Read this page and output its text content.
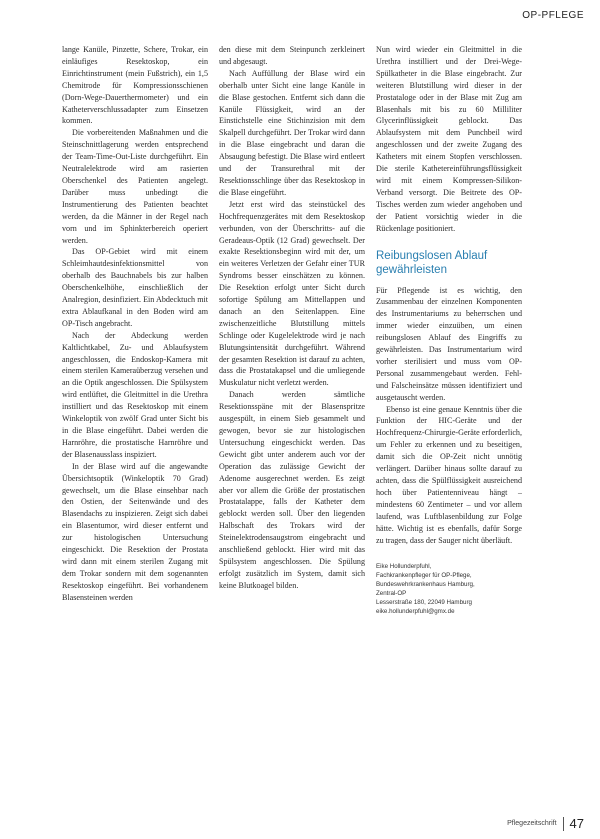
OP-PFLEGE

lange Kanüle, Pinzette, Schere, Trokar, ein einläufiges Resektoskop, ein Einrichtinstrument (mein Fußstrich), ein 1,5 Chemitrode für Kompressionsschienen (Dorn-Wege-Dauerthermometer) und ein Katheterverschlussadapter zum Einsetzen kommen.

Die vorbereitenden Maßnahmen und die Steinschnittlagerung werden entsprechend der Team-Time-Out-Liste durchgeführt. Ein Neutralelektrode wird am rasierten Oberschenkel des Patienten angelegt. Darüber muss unbedingt die Instrumentierung des Patienten beachtet werden, da die Männer in der Regel nach vorn und im Sphinkterbereich operiert werden.

Das OP-Gebiet wird mit einem Schleimhautdesinfektionsmittel von oberhalb des Bauchnabels bis zur halben Oberschenkelhöhe, einschließlich der Analregion, desinfiziert. Ein Abdecktuch mit extra Ablaufkanal in den Boden wird am OP-Tisch angebracht.

Nach der Abdeckung werden Kaltlichtkabel, Zu- und Ablaufsystem angeschlossen, die Endoskop-Kamera mit einem sterilen Kameraüberzug versehen und an die Optik angeschlossen. Die Spülsystem wird entlüftet, die Gleitmittel in die Urethra instilliert und das Resektoskop mit einem Winkeloptik von zwölf Grad unter Sicht bis in die Blase eingeführt. Dabei werden die Harnröhre, die prostatische Harnröhre und der Blasenausslass inspiziert.

In der Blase wird auf die angewandte Übersichtsoptik (Winkeloptik 70 Grad) gewechselt, um die Blase einsehbar nach den Ostien, der Seitenwände und des Blasendachs zu inspizieren. Zeigt sich dabei ein Blasentumor, wird dieser entfernt und zur histologischen Untersuchung eingeschickt. Die Resektion der Prostata wird dann mit einem sterilen Zugang mit dem Trokar sondern mit dem sogenannten Resektoskop eingeführt. Bei vorhandenem Blasensteinen werden

den diese mit dem Steinpunch zerkleinert und abgesaugt.

Nach Auffüllung der Blase wird ein oberhalb unter Sicht eine lange Kanüle in die Blase gestochen. Entfernt sich dann die Kanüle Flüssigkeit, wird an der Einstichstelle eine Stichinzision mit dem Skalpell durchgeführt. Der Trokar wird dann in die Blase eingebracht und daran die Absaugung befestigt. Die Blase wird entleert und der Transurethral mit der Resektionsschlinge über das Resektoskop in die Blase eingeführt.

Jetzt erst wird das steinstückel des Hochfrequenzgerätes mit dem Resektoskop verbunden, von der Überschritts- auf die Geradeaus-Optik (12 Grad) gewechselt. Der exakte Resektionsbeginn wird mit der, um ein weiteres Verletzen der Gefahr einer TUR Syndroms besser einschätzen zu können. Die Resektion erfolgt unter Sicht durch sofortige Spülung am Mittellappen und danach an den Seitenlappen. Eine zwischenzeitliche Blutstillung mittels Schlinge oder Kugelelektrode wird je nach Blutungsintensität durchgeführt. Während der gesamten Resektion ist darauf zu achten, dass die Prostatakapsel und die umliegende Muskulatur nicht verletzt werden.

Danach werden sämtliche Resektionsspäne mit der Blasenspritze ausgespült, in einem Sieb gesammelt und gewogen, bevor sie zur histologischen Untersuchung eingeschickt werden. Das Gewicht gibt unter anderem auch vor der Operation das zulässige Gewicht der Adenome ausgerechnet werden. Es zeigt aber vor allem die Größe der prostatischen Prostatalappe, falls der Katheter dem geblockt werden soll. Über den liegenden Halbschaft des Trokars wird der Steinelektrodensaugstrom eingebracht und anschließend geblockt. Hier wird mit das Spülsystem angeschlossen. Die Spülung erfolgt zusätzlich im System, damit sich keine Blutkoagel bilden.

Nun wird wieder ein Gleitmittel in die Urethra instilliert und der Drei-Wege-Spülkatheter in die Blase eingebracht. Zur weiteren Blutstillung wird dieser in der Prostataloge oder in der Blase mit Zug am Blasenhals mit bis zu 60 Milliliter Glycerinflüssigkeit geblockt. Das Ablaufsystem mit dem Punchbeil wird angeschlossen und der zweite Zugang des Katheters mit einem Stopfen verschlossen. Die sterile Kathetereinführungsflüssigkeit wird mit einem Kompressen-Silikon-Verband versorgt. Die Beitrete des OP-Tisches werden zum wieder angehoben und der Patient vorsichtig wieder in die Rückenlage positioniert.

Reibungslosen Ablauf gewährleisten

Für Pflegende ist es wichtig, den Zusammenbau der einzelnen Komponenten des Instrumentariums zu beherrschen und immer wieder einzuüben, um einen reibungslosen Ablauf des Eingriffs zu gewährleisten. Das Instrumentarium wird vorher sterilisiert und muss vom OP-Personal zusammengebaut werden. Fehl- und Falscheinsätze müssen identifiziert und ausgetauscht werden.

Ebenso ist eine genaue Kenntnis über die Funktion der HIC-Geräte und der Hochfrequenz-Chirurgie-Geräte erforderlich, um Fehler zu erkennen und zu beseitigen, damit sich die OP-Zeit nicht unnötig verlängert. Darüber hinaus sollte darauf zu achten, dass die Spülflüssigkeit ausreichend hoch über Patientenniveau hängt – mindestens 60 Zentimeter – und vor allem laufend, was Luftblasenbildung zur Folge hätte. Wichtig ist es ebenfalls, dafür Sorge zu tragen, dass der Sauger nicht überläuft.

Eike Hollunderpfuhl,
Fachkrankenpfleger für OP-Pflege,
Bundeswehrkrankenhaus Hamburg,
Zentral-OP
Lesserstraße 180, 22049 Hamburg
eike.hollunderpfuhl@gmx.de
Pflegezeitschrift 47
